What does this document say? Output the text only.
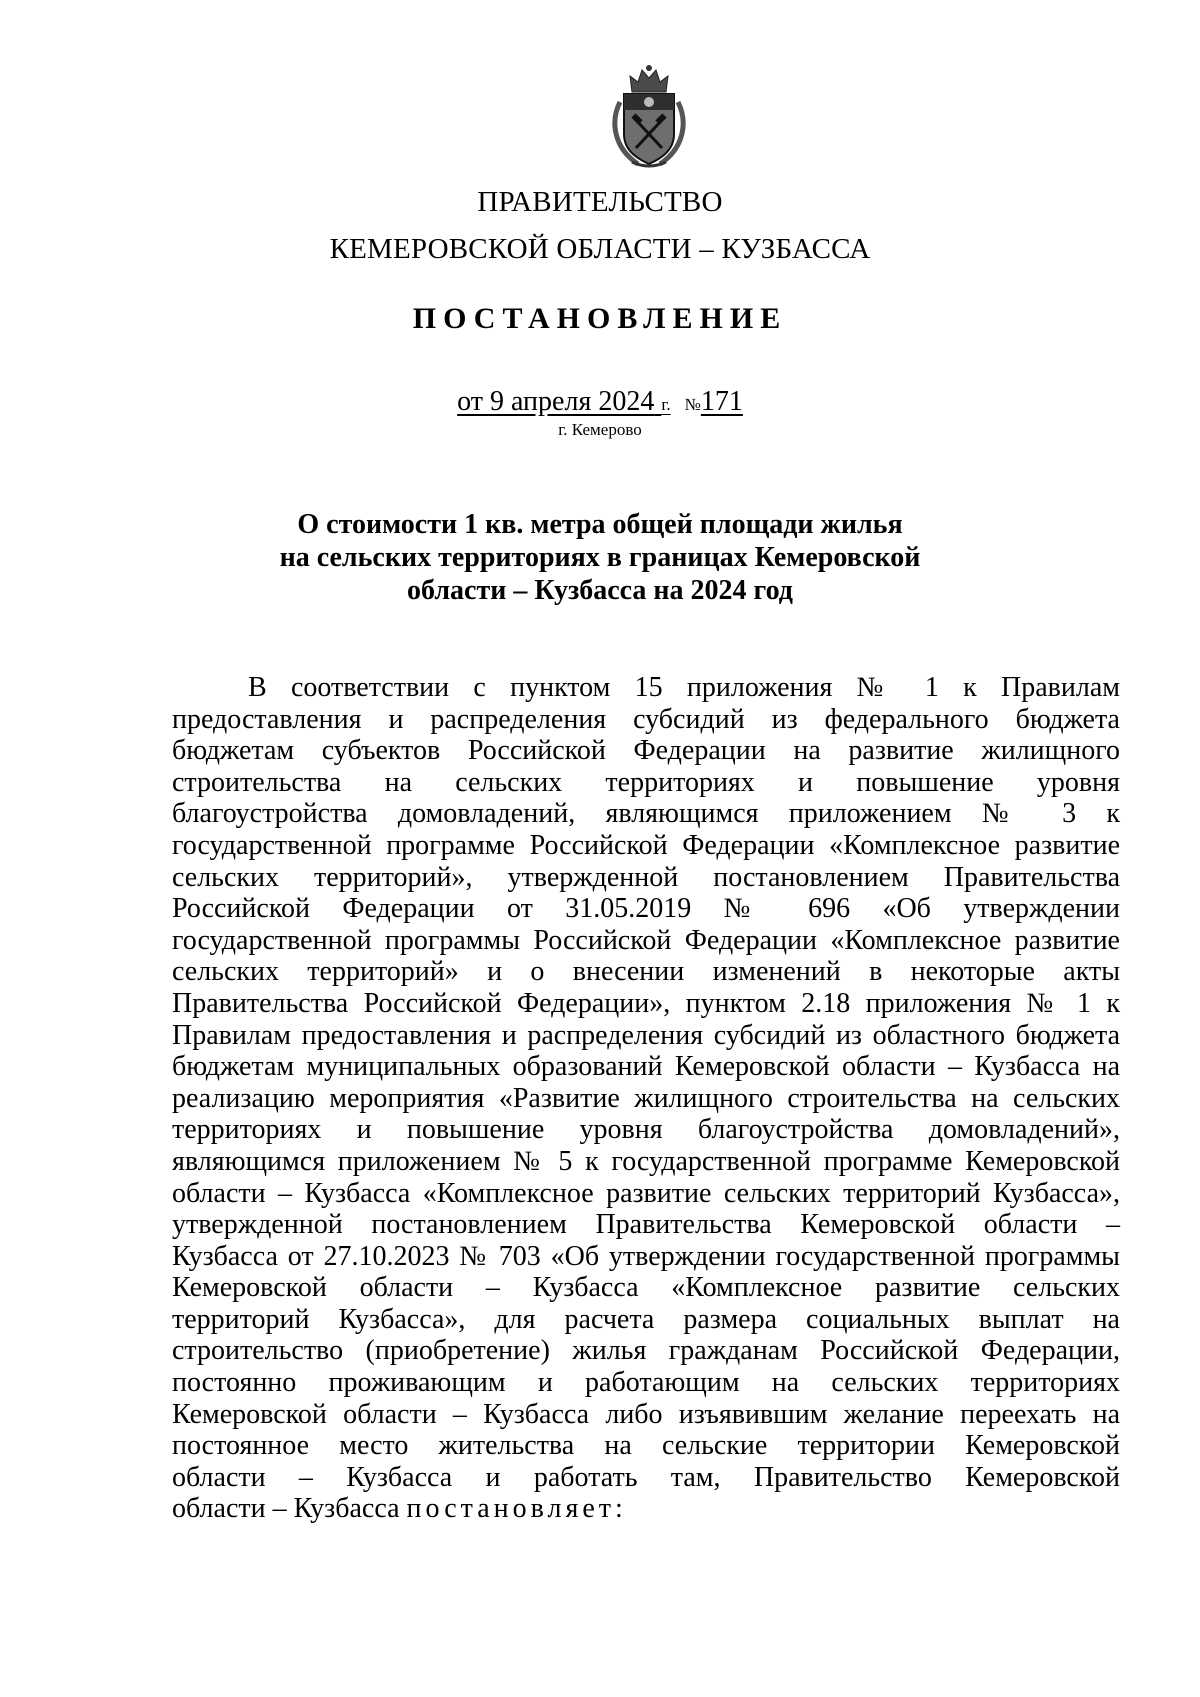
ПРАВИТЕЛЬСТВО
КЕМЕРОВСКОЙ ОБЛАСТИ – КУЗБАССА
ПОСТАНОВЛЕНИЕ
от 9 апреля 2024 г. №171
г. Кемерово
О стоимости 1 кв. метра общей площади жилья
на сельских территориях в границах Кемеровской
области – Кузбасса на 2024 год
В соответствии с пунктом 15 приложения № 1 к Правилам
предоставления и распределения субсидий из федерального бюджета
бюджетам субъектов Российской Федерации на развитие жилищного
строительства на сельских территориях и повышение уровня
благоустройства домовладений, являющимся приложением № 3 к
государственной программе Российской Федерации «Комплексное развитие
сельских территорий», утвержденной постановлением Правительства
Российской Федерации от 31.05.2019 № 696 «Об утверждении
государственной программы Российской Федерации «Комплексное развитие
сельских территорий» и о внесении изменений в некоторые акты
Правительства Российской Федерации», пунктом 2.18 приложения № 1 к
Правилам предоставления и распределения субсидий из областного бюджета
бюджетам муниципальных образований Кемеровской области – Кузбасса на
реализацию мероприятия «Развитие жилищного строительства на сельских
территориях и повышение уровня благоустройства домовладений»,
являющимся приложением № 5 к государственной программе Кемеровской
области – Кузбасса «Комплексное развитие сельских территорий Кузбасса»,
утвержденной постановлением Правительства Кемеровской области –
Кузбасса от 27.10.2023 № 703 «Об утверждении государственной программы
Кемеровской области – Кузбасса «Комплексное развитие сельских
территорий Кузбасса», для расчета размера социальных выплат на
строительство (приобретение) жилья гражданам Российской Федерации,
постоянно проживающим и работающим на сельских территориях
Кемеровской области – Кузбасса либо изъявившим желание переехать на
постоянное место жительства на сельские территории Кемеровской
области – Кузбасса и работать там, Правительство Кемеровской
области – Кузбасса постановляет:
